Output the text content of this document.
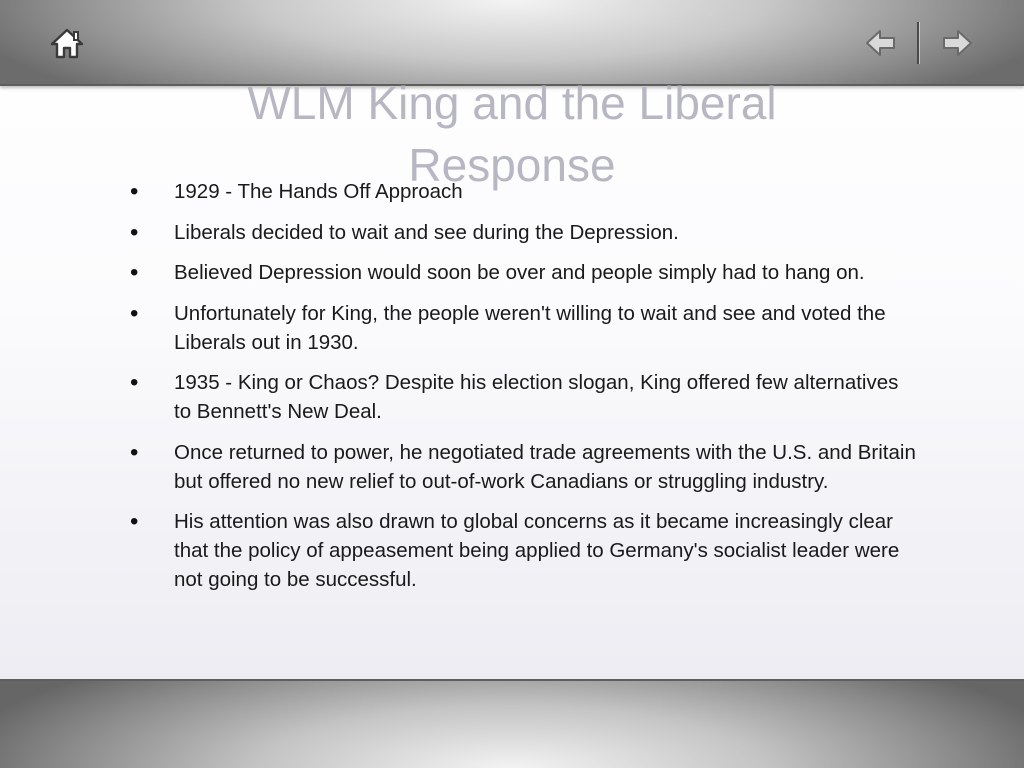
WLM King and the Liberal Response
• 1929 - The Hands Off Approach
• Liberals decided to wait and see during the Depression.
• Believed Depression would soon be over and people simply had to hang on.
• Unfortunately for King, the people weren't willing to wait and see and voted the Liberals out in 1930.
• 1935 - King or Chaos? Despite his election slogan, King offered few alternatives to Bennett's New Deal.
• Once returned to power, he negotiated trade agreements with the U.S. and Britain but offered no new relief to out-of-work Canadians or struggling industry.
• His attention was also drawn to global concerns as it became increasingly clear that the policy of appeasement being applied to Germany's socialist leader were not going to be successful.
